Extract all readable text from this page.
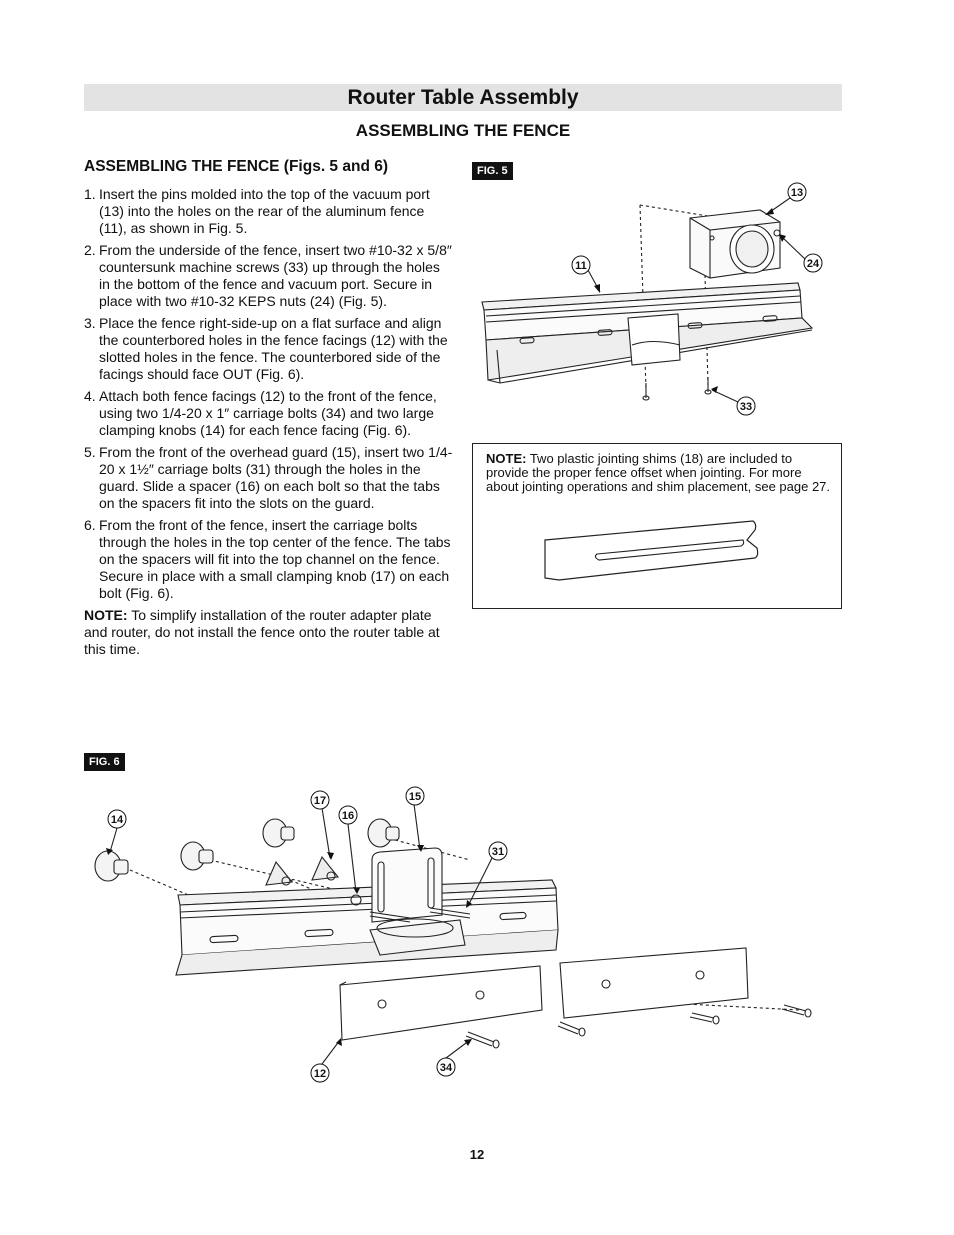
Router Table Assembly
ASSEMBLING THE FENCE
ASSEMBLING THE FENCE (Figs. 5 and 6)
1. Insert the pins molded into the top of the vacuum port (13) into the holes on the rear of the aluminum fence (11), as shown in Fig. 5.
2. From the underside of the fence, insert two #10-32 x 5/8″ countersunk machine screws (33) up through the holes in the bottom of the fence and vacuum port. Secure in place with two #10-32 KEPS nuts (24) (Fig. 5).
3. Place the fence right-side-up on a flat surface and align the counterbored holes in the fence facings (12) with the slotted holes in the fence. The counterbored side of the facings should face OUT (Fig. 6).
4. Attach both fence facings (12) to the front of the fence, using two 1/4-20 x 1″ carriage bolts (34) and two large clamping knobs (14) for each fence facing (Fig. 6).
5. From the front of the overhead guard (15), insert two 1/4-20 x 1½″ carriage bolts (31) through the holes in the guard. Slide a spacer (16) on each bolt so that the tabs on the spacers fit into the slots on the guard.
6. From the front of the fence, insert the carriage bolts through the holes in the top center of the fence. The tabs on the spacers will fit into the top channel on the fence. Secure in place with a small clamping knob (17) on each bolt (Fig. 6).
NOTE: To simplify installation of the router adapter plate and router, do not install the fence onto the router table at this time.
FIG. 5
13
24
11
33
NOTE: Two plastic jointing shims (18) are included to provide the proper fence offset when jointing. For more about jointing operations and shim placement, see page 27.
FIG. 6
14
17
16
15
31
12	34
12
